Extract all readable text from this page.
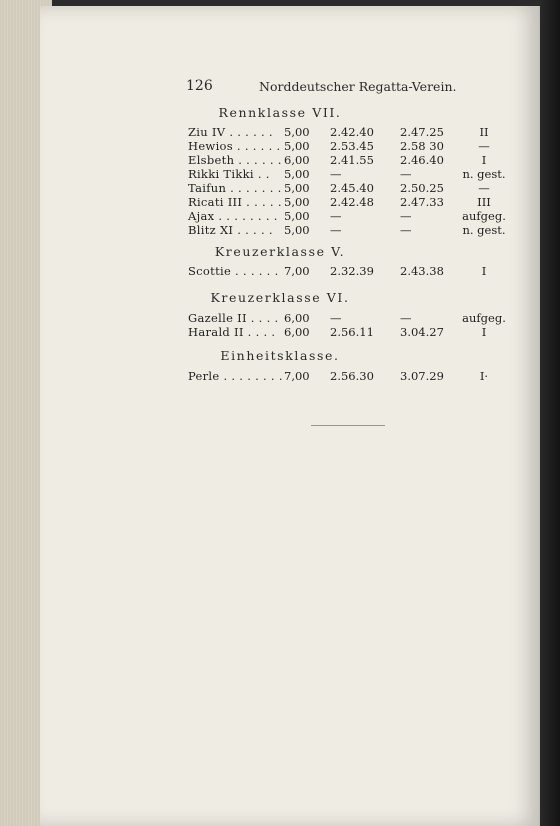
126	Norddeutscher Regatta-Verein.
Rennklasse VII.
Ziu IV . . . . . . 5,00 2.42.40 2.47.25	II
Hewios . . . . . . 5,00 2.53.45 2.58 30	—
Elsbeth . . . . . . 6,00 2.41.55 2.46.40	I
Rikki Tikki . . 5,00 —	—	n. gest.
Taifun . . . . . . . 5,00 2.45.40 2.50.25	—
Ricati III . . . . . 5,00 2.42.48 2.47.33	III
Ajax . . . . . . . . 5,00 —	—	aufgeg.
Blitz XI . . . . . 5,00 —	—	n. gest.
Kreuzerklasse V.
Scottie . . . . . . 7,00 2.32.39 2.43.38	I
Kreuzerklasse VI.
Gazelle II . . . . 6,00 —	—	aufgeg.
Harald II . . . . 6,00 2.56.11 3.04.27	I
Einheitsklasse.
Perle . . . . . . . . 7,00 2.56.30 3.07.29	I·
